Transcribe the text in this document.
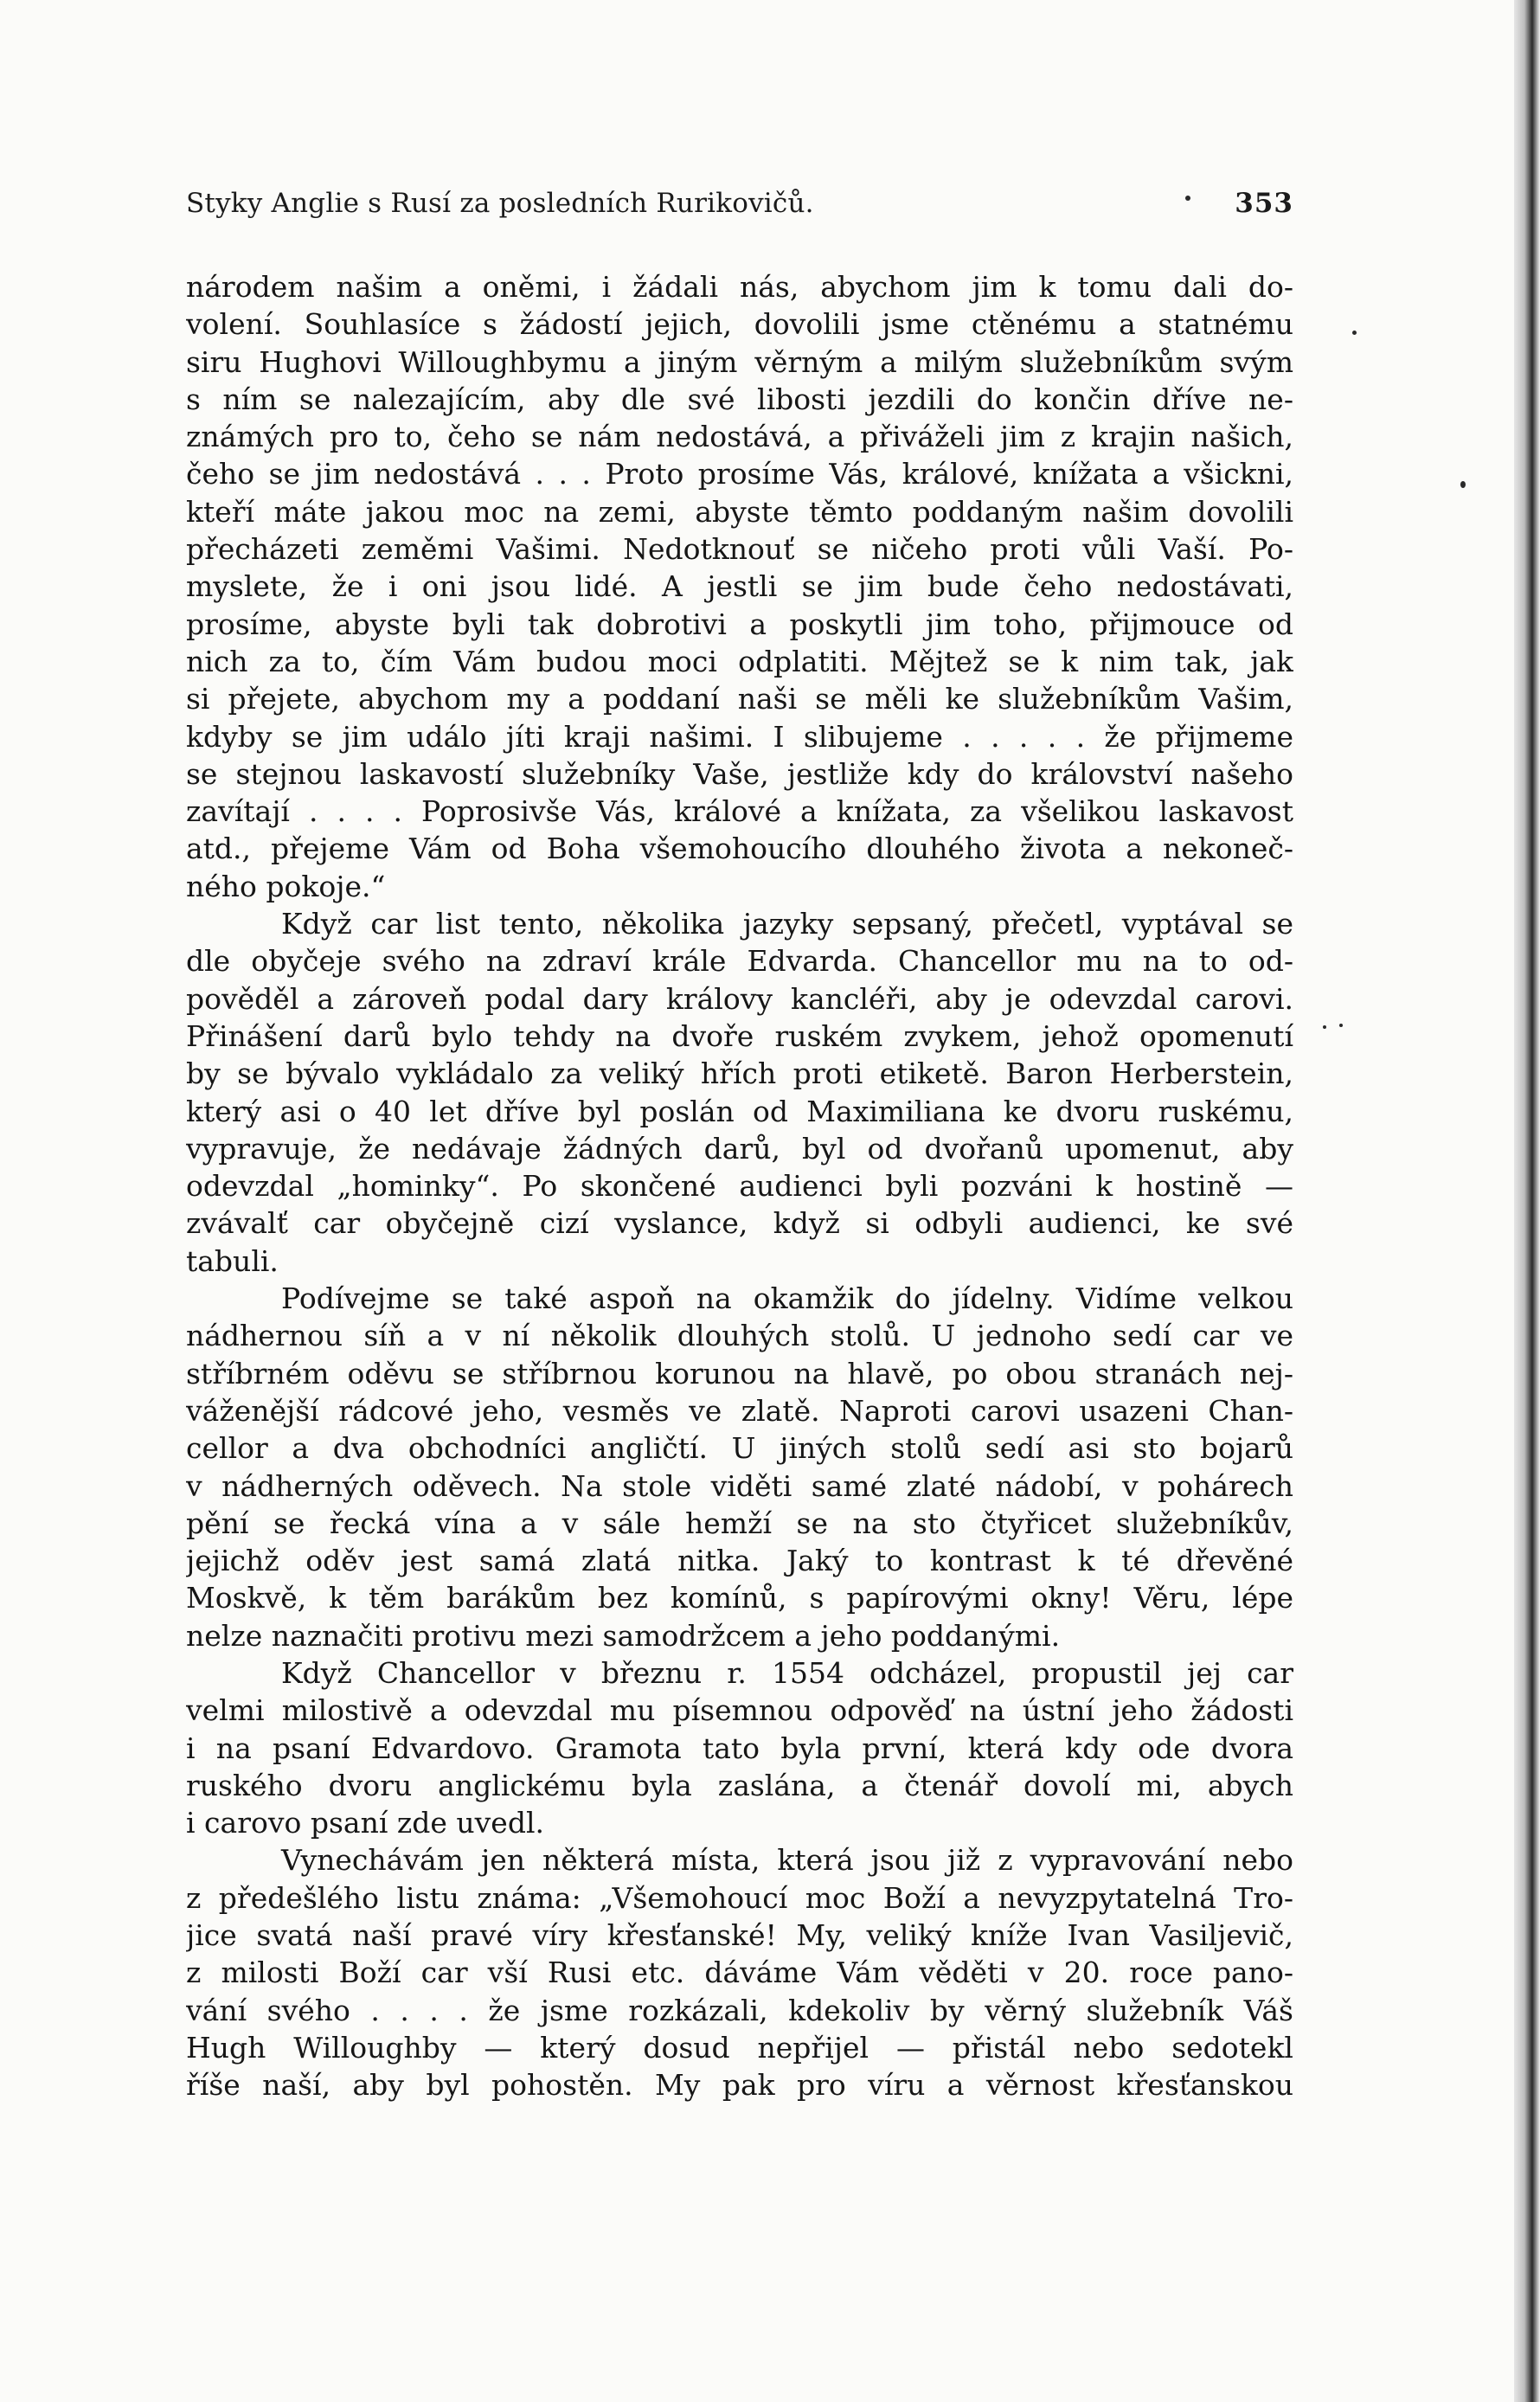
Styky Anglie s Rusí za posledních Rurikovičů.	353
národem našim a oněmi, i žádali nás, abychom jim k tomu dali do-
volení. Souhlasíce s žádostí jejich, dovolili jsme ctěnému a statnému
siru Hughovi Willoughbymu a jiným věrným a milým služebníkům svým
s ním se nalezajícím, aby dle své libosti jezdili do končin dříve ne-
známých pro to, čeho se nám nedostává, a přiváželi jim z krajin našich,
čeho se jim nedostává . . . Proto prosíme Vás, králové, knížata a všickni,
kteří máte jakou moc na zemi, abyste těmto poddaným našim dovolili
přecházeti zeměmi Vašimi. Nedotknouť se ničeho proti vůli Vaší. Po-
myslete, že i oni jsou lidé. A jestli se jim bude čeho nedostávati,
prosíme, abyste byli tak dobrotivi a poskytli jim toho, přijmouce od
nich za to, čím Vám budou moci odplatiti. Mějtež se k nim tak, jak
si přejete, abychom my a poddaní naši se měli ke služebníkům Vašim,
kdyby se jim událo jíti kraji našimi. I slibujeme . . . . . že přijmeme
se stejnou laskavostí služebníky Vaše, jestliže kdy do království našeho
zavítají . . . . Poprosivše Vás, králové a knížata, za všelikou laskavost
atd., přejeme Vám od Boha všemohoucího dlouhého života a nekoneč-
ného pokoje.“
Když car list tento, několika jazyky sepsaný, přečetl, vyptával se
dle obyčeje svého na zdraví krále Edvarda. Chancellor mu na to od-
pověděl a zároveň podal dary královy kancléři, aby je odevzdal carovi.
Přinášení darů bylo tehdy na dvoře ruském zvykem, jehož opomenutí
by se bývalo vykládalo za veliký hřích proti etiketě. Baron Herberstein,
který asi o 40 let dříve byl poslán od Maximiliana ke dvoru ruskému,
vypravuje, že nedávaje žádných darů, byl od dvořanů upomenut, aby
odevzdal „hominky“. Po skončené audienci byli pozváni k hostině —
zvávalť car obyčejně cizí vyslance, když si odbyli audienci, ke své
tabuli.
Podívejme se také aspoň na okamžik do jídelny. Vidíme velkou
nádhernou síň a v ní několik dlouhých stolů. U jednoho sedí car ve
stříbrném oděvu se stříbrnou korunou na hlavě, po obou stranách nej-
váženější rádcové jeho, vesměs ve zlatě. Naproti carovi usazeni Chan-
cellor a dva obchodníci angličtí. U jiných stolů sedí asi sto bojarů
v nádherných oděvech. Na stole viděti samé zlaté nádobí, v pohárech
pění se řecká vína a v sále hemží se na sto čtyřicet služebníkův,
jejichž oděv jest samá zlatá nitka. Jaký to kontrast k té dřevěné
Moskvě, k těm barákům bez komínů, s papírovými okny! Věru, lépe
nelze naznačiti protivu mezi samodržcem a jeho poddanými.
Když Chancellor v březnu r. 1554 odcházel, propustil jej car
velmi milostivě a odevzdal mu písemnou odpověď na ústní jeho žádosti
i na psaní Edvardovo. Gramota tato byla první, která kdy ode dvora
ruského dvoru anglickému byla zaslána, a čtenář dovolí mi, abych
i carovo psaní zde uvedl.
Vynechávám jen některá místa, která jsou již z vypravování nebo
z předešlého listu známa: „Všemohoucí moc Boží a nevyzpytatelná Tro-
jice svatá naší pravé víry křesťanské! My, veliký kníže Ivan Vasiljevič,
z milosti Boží car vší Rusi etc. dáváme Vám věděti v 20. roce pano-
vání svého . . . . že jsme rozkázali, kdekoliv by věrný služebník Váš
Hugh Willoughby — který dosud nepřijel — přistál nebo sedotekl
říše naší, aby byl pohostěn. My pak pro víru a věrnost křesťanskou
